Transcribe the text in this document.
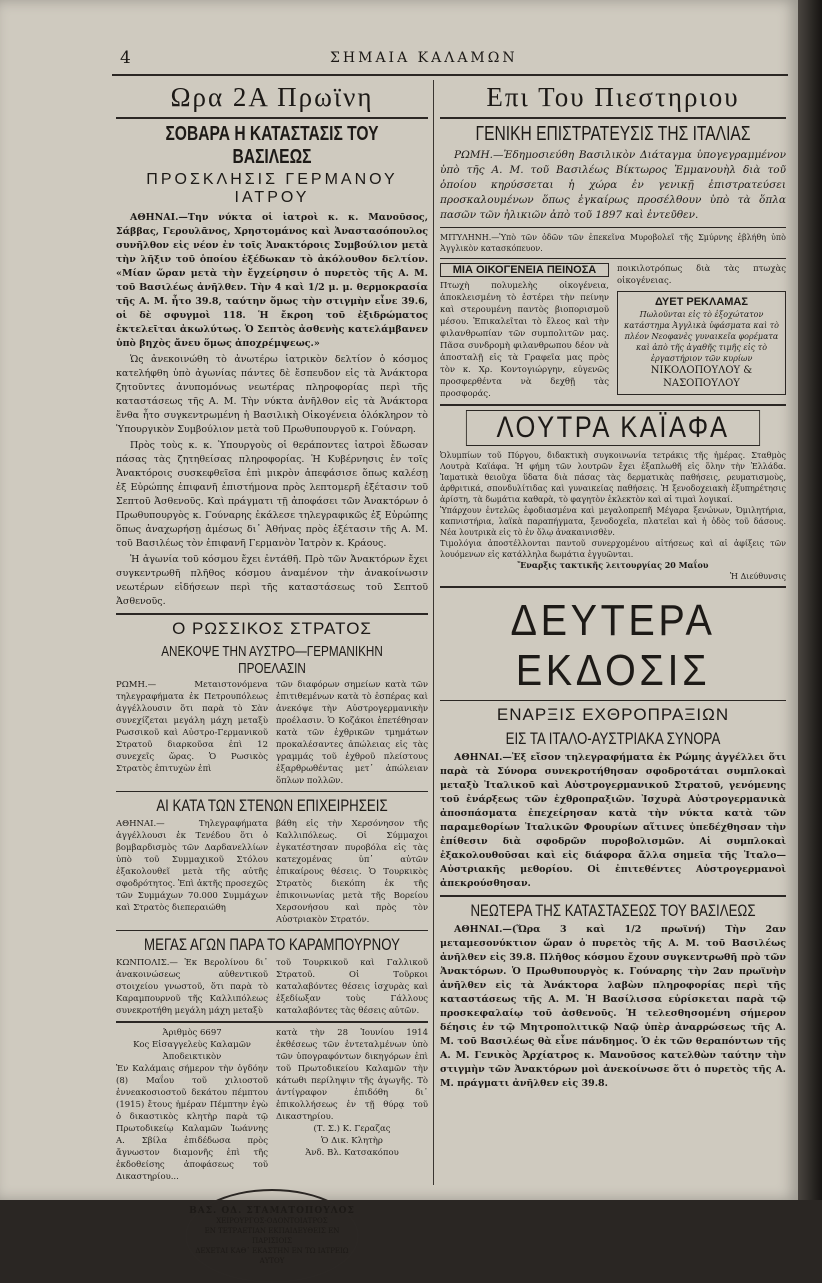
4	ΣΗΜΑΙΑ ΚΑΛΑΜΩΝ
Ωρα 2Α Πρωϊνη
ΣΟΒΑΡΑ Η ΚΑΤΑΣΤΑΣΙΣ ΤΟΥ ΒΑΣΙΛΕΩΣ
ΠΡΟΣΚΛΗΣΙΣ ΓΕΡΜΑΝΟΥ ΙΑΤΡΟΥ

ΑΘΗΝΑΙ.—Την νύκτα οἱ ἰατροὶ κ. κ. Μανοῦσος, Σάββας, Γερουλᾶνος, Χρηστομάνος καὶ Ἀναστασόπουλος συνῆλθον εἰς νέον ἐν τοῖς Ἀνακτόροις Συμβούλιον μετὰ τὴν λῆξιν τοῦ ὁποίου ἐξέδωκαν τὸ ἀκόλουθον δελτίον. «Μίαν ὥραν μετὰ τὴν ἔγχείρησιν ὁ πυρετὸς τῆς Α. Μ. τοῦ Βασιλέως ἀνῆλθεν. Τὴν 4 καὶ 1/2 μ. μ. θερμοκρασία τῆς Α. Μ. ἦτο 39.8, ταύτην ὅμως τὴν στιγμὴν εἶνε 39.6, οἱ δὲ σφυγμοὶ 118. Ἡ ἔκροη τοῦ ἐξιδρώματος ἐκτελεῖται ἀκωλύτως. Ὁ Σεπτὸς ἀσθενὴς κατελάμβανεν ὑπὸ βηχὸς ἄνευ ὅμως ἀποχρέμψεως.»

Ὡς ἀνεκοινώθη τὸ ἀνωτέρω ἰατρικὸν δελτίον ὁ κόσμος κατελήφθη ὑπὸ ἀγωνίας πάντες δὲ ἔσπευδον εἰς τὰ Ἀνάκτορα ζητοῦντες ἀνυπομόνως νεωτέρας πληροφορίας περὶ τῆς καταστάσεως τῆς Α. Μ. Τὴν νύκτα ἀνῆλθον εἰς τὰ Ἀνάκτορα ἔνθα ἦτο συγκεντρωμένη ἡ Βασιλικὴ Οἰκογένεια ὁλόκληρον τὸ Ὑπουργικὸν Συμβούλιον μετὰ τοῦ Πρωθυπουργοῦ κ. Γούναρη.

Πρὸς τοὺς κ. κ. Ὑπουργοὺς οἱ θεράποντες ἰατροὶ ἔδωσαν πάσας τὰς ζητηθείσας πληροφορίας. Ἡ Κυβέρνησις ἐν τοῖς Ἀνακτόροις συσκεφθεῖσα ἐπὶ μικρὸν ἀπεφάσισε ὅπως καλέσῃ ἐξ Εὐρώπης ἐπιφανῆ ἐπιστήμονα πρὸς λεπτομερῆ ἐξέτασιν τοῦ Σεπτοῦ Ἀσθενοῦς. Καὶ πράγματι τῇ ἀποφάσει τῶν Ἀνακτόρων ὁ Πρωθυπουργὸς κ. Γούναρης ἐκάλεσε τηλεγραφικῶς ἐξ Εὐρώπης ὅπως ἀναχωρήσῃ ἀμέσως δι᾽ Ἀθήνας πρὸς ἐξέτασιν τῆς Α. Μ. τοῦ Βασιλέως τὸν ἐπιφανῆ Γερμανὸν Ἰατρὸν κ. Κράους.

Ἡ ἀγωνία τοῦ κόσμου ἔχει ἐντάθῆ. Πρὸ τῶν Ἀνακτόρων ἔχει συγκεντρωθῆ πλῆθος κόσμου ἀναμένον τὴν ἀνακοίνωσιν νεωτέρων εἰδήσεων περὶ τῆς καταστάσεως τοῦ Σεπτοῦ Ἀσθενοῦς.

Ο ΡΩΣΣΙΚΟΣ ΣΤΡΑΤΟΣ
ΑΝΕΚΟΨΕ ΤΗΝ ΑΥΣΤΡΟ—ΓΕΡΜΑΝΙΚΗΝ ΠΡΟΕΛΑΣΙΝ
ΡΩΜΗ.— Μεταιστονόμενα τηλεγραφήματα ἐκ Πετρουπόλεως ἀγγέλλουσιν ὅτι παρὰ τὸ Σὰν συνεχίζεται μεγάλη μάχη μεταξὺ Ρωσσικοῦ καὶ Αὐστρο-Γερμανικοῦ Στρατοῦ διαρκοῦσα ἐπὶ 12 συνεχεῖς ὥρας. Ὁ Ρωσικὸς Στρατὸς ἐπιτυχὼν ἐπὶ
τῶν διαφόρων σημείων κατὰ τῶν ἐπιτιθεμένων κατὰ τὸ ἑσπέρας καὶ ἀνεκόψε τὴν Αὐστρογερμανικὴν προέλασιν. Ὁ Κοζάκοι ἐπετέθησαν κατὰ τῶν ἐχθρικῶν τμημάτων προκαλέσαντες ἀπώλειας εἰς τὰς γραμμάς τοῦ ἐχθροῦ πλείστους ἐξαρθρωθέντας μετ᾽ ἀπώλειαν ὅπλων πολλῶν.
ΑΙ ΚΑΤΑ ΤΩΝ ΣΤΕΝΩΝ ΕΠΙΧΕΙΡΗΣΕΙΣ
ΑΘΗΝΑΙ.— Τηλεγραφήματα ἀγγέλλουσι ἐκ Τενέδου ὅτι ὁ βομβαρδισμὸς τῶν Δαρδανελλίων ὑπὸ τοῦ Συμμαχικοῦ Στόλου ἐξακολουθεῖ μετὰ τῆς αὐτῆς σφοδρότητος. Ἐπὶ ἀκτῆς προσεχῶς τῶν Συμμάχων 70.000 Συμμάχων καὶ Στρατὸς διεπεραιώθη
βάθη εἰς τὴν Χερσόνησον τῆς Καλλιπόλεως. Οἱ Σύμμαχοι ἐγκατέστησαν πυροβόλα εἰς τὰς κατεχομένας ὑπ᾽ αὐτῶν ἐπικαίρους θέσεις. Ὁ Τουρκικὸς Στρατὸς διεκόπη ἐκ τῆς ἐπικοινωνίας μετὰ τῆς Βορείου Χερσονήσου καὶ πρὸς τὸν Αὐστριακὸν Στρατόν.
ΜΕΓΑΣ ΑΓΩΝ ΠΑΡΑ ΤΟ ΚΑΡΑΜΠΟΥΡΝΟΥ
ΚΩΝΠΟΛΙΣ.— Ἐκ Βερολίνου δι᾽ ἀνακοινώσεως αὐθεντικοῦ στοιχείου γνωστοῦ, ὅτι παρὰ τὸ Καραμπουρνοῦ τῆς Καλλιπόλεως συνεκροτήθη μεγάλη μάχη μεταξὺ
τοῦ Τουρκικοῦ καὶ Γαλλικοῦ Στρατοῦ. Οἱ Τοῦρκοι καταλαβόντες θέσεις ἰσχυρὰς καὶ ἐξεδίωξαν τοὺς Γάλλους καταλαβόντες τὰς θέσεις αὐτῶν.
Ἀριθμὸς 6697
Κος Εἰσαγγελεὺς Καλαμῶν
Ἀποδεικτικὸν
Ἐν Καλάμαις σήμερον τὴν ὀγδόην (8) Μαΐου τοῦ χιλιοστοῦ ἐννεακοσιοστοῦ δεκάτου πέμπτου (1915) ἔτους ἡμέραν Πέμπτην ἐγὼ ὁ δικαστικὸς κλητὴρ παρὰ τῷ Πρωτοδικείῳ Καλαμῶν Ἰωάννης Α. Σβίλα ἐπιδέδωσα πρὸς ἄγνωστον διαμονῆς ἐπὶ τῆς ἐκδοθείσης ἀποφάσεως τοῦ Δικαστηρίου...
κατὰ τὴν 28 Ἰουνίου 1914 ἐκθέσεως τῶν ἐντεταλμένων ὑπὸ τῶν ὑπογραφόντων δικηγόρων ἐπὶ τοῦ Πρωτοδικείου Καλαμῶν τὴν κάτωθι περίληψιν τῆς ἀγωγῆς. Τὸ ἀντίγραφον ἐπιδόθη δι᾽ ἐπικολλήσεως ἐν τῇ θύρᾳ τοῦ Δικαστηρίου.
(Τ. Σ.) Κ. Γεραζας
Ὁ Δικ. Κλητὴρ
Ἀνδ. Βλ. Κατσακόπου
ΒΑΣ. ΟΔ. ΣΤΑΜΑΤΟΠΟΥΛΟΣ
ΧΕΙΡΟΥΡΓΟΣ-ΟΔΟΝΤΟΙΑΤΡΟΣ
ΕΝ ΤΕΤΡΑΕΤΙΑΝ ΕΚΠΑΙΔΕΥΘΕΙΣ ΕΝ ΠΑΡΙΣΙΟΙΣ
ΔΕΧΕΤΑΙ ΚΑΘ᾽ ΕΚΑΣΤΗΝ ΕΝ ΤΩ ΙΑΤΡΕΙΩ ΑΥΤΟΥ
Επι Του Πιεστηριου
ΓΕΝΙΚΗ ΕΠΙΣΤΡΑΤΕΥΣΙΣ ΤΗΣ ΙΤΑΛΙΑΣ

ΡΩΜΗ.—Ἐδημοσιεύθη Βασιλικὸν Διάταγμα ὑπογεγραμμένον ὑπὸ τῆς Α. Μ. τοῦ Βασιλέως Βίκτωρος Ἐμμανουὴλ διὰ τοῦ ὁποίου κηρύσσεται ἡ χώρα ἐν γενικῇ ἐπιστρατεύσει προσκαλουμένων ὅπως ἐγκαίρως προσέλθουν ὑπὸ τὰ ὅπλα πασῶν τῶν ἡλικιῶν ἀπὸ τοῦ 1897 καὶ ἐντεῦθεν.

ΜΙΤΥΛΗΝΗ.—Ὑπὸ τῶν ὁδῶν τῶν ἐπεκεῖνα Μυροβολεῖ τῆς Σμύρνης ἐβλήθη ὑπὸ Ἀγγλικὸν κατασκόπευον.
ΜΙΑ ΟΙΚΟΓΕΝΕΙΑ ΠΕΙΝΟΣΑ
Πτωχὴ πολυμελὴς οἰκογένεια, ἀποκλεισμένη τὸ ἐστέρει τὴν πείνην καὶ στερουμένη παντὸς βιοπορισμοῦ μέσου. Ἐπικαλεῖται τὸ ἔλεος καὶ τὴν φιλανθρωπίαν τῶν συμπολιτῶν μας. Πᾶσα συνδρομὴ φιλανθρωπου δέον νὰ ἀποσταλῇ εἰς τὰ Γραφεῖα μας πρὸς τὸν κ. Χρ. Κοντογιώργην, εὐγενῶς προσφερθέντα νὰ δεχθῇ τὰς προσφοράς.
ποικιλοτρόπως διὰ τὰς πτωχὰς οἰκογένειας.
ΔΥΕΤ ΡΕΚΛΑΜΑΣ
Πωλοῦνται εἰς τὸ ἐξοχώτατον κατάστημα Ἀγγλικὰ ὑφάσματα καὶ τὸ πλέον Νεοφανὲς γυναικεῖα φορέματα καὶ ἀπὸ τῆς ἀγαθῆς τιμῆς εἰς τὸ ἐργαστήριον τῶν κυρίων
ΝΙΚΟΛΟΠΟΥΛΟΥ & ΝΑΣΟΠΟΥΛΟΥ
ΛΟΥΤΡΑ ΚΑΪΑΦΑ
Ὀλυμπίων τοῦ Πύργου, διδακτικὴ συγκοινωνία τετράκις τῆς ἡμέρας. Σταθμὸς Λουτρὰ Καϊάφα. Ἡ φήμη τῶν λουτρῶν ἔχει ἐξαπλωθῆ εἰς ὅλην τὴν Ἑλλάδα. Ἰαματικὰ θειοῦχα ὕδατα διὰ πάσας τὰς δερματικὰς παθήσεις, ρευματισμοὺς, ἀρθριτικά, σπονδυλίτιδας καὶ γυναικείας παθήσεις. Ἡ ξενοδοχειακὴ ἐξυπηρέτησις ἀρίστη, τὰ δωμάτια καθαρὰ, τὸ φαγητὸν ἐκλεκτὸν καὶ αἱ τιμαὶ λογικαί.
Ὑπάρχουν ἐντελῶς ἐφοδιασμένα καὶ μεγαλοπρεπῆ Μέγαρα ξενώνων, Ὀμιλητήρια, καπνιστήρια, λαϊκὰ παραπήγματα, ξενοδοχεῖα, πλατεῖαι καὶ ἡ ὁδὸς τοῦ δάσους. Νέα λουτρικὰ εἰς τὸ ἐν ὅλῳ ἀνακαινισθὲν.
Τιμολόγια ἀποστέλλονται παντοῦ συνερχομένου αἰτήσεως καὶ αἱ ἀφίξεις τῶν λουόμενων εἰς κατάλληλα δωμάτια ἐγγυῶνται.
Ἔναρξις τακτικῆς λειτουργίας 20 Μαΐου
Ἡ Διεύθυνσις
ΔΕΥΤΕΡΑ ΕΚΔΟΣΙΣ
ΕΝΑΡΞΙΣ ΕΧΘΡΟΠΡΑΞΙΩΝ
ΕΙΣ ΤΑ ΙΤΑΛΟ-ΑΥΣΤΡΙΑΚΑ ΣΥΝΟΡΑ

ΑΘΗΝΑΙ.—Ἐξ εἴσον τηλεγραφήματα ἐκ Ρώμης ἀγγέλλει ὅτι παρὰ τὰ Σύνορα συνεκροτήθησαν σφοδροτάται συμπλοκαὶ μεταξὺ Ἰταλικοῦ καὶ Αὐστρογερμανικοῦ Στρατοῦ, γενόμενης τοῦ ἐνάρξεως τῶν ἐχθροπραξιῶν. Ἰσχυρὰ Αὐστρογερμανικὰ ἀποσπάσματα ἐπεχείρησαν κατὰ τὴν νύκτα κατὰ τῶν παραμεθορίων Ἰταλικῶν Φρουρίων αἵτινες ὑπεδέχθησαν τὴν ἐπίθεσιν διὰ σφοδρῶν πυροβολισμῶν. Αἱ συμπλοκαὶ ἐξακολουθοῦσαι καὶ εἰς διάφορα ἄλλα σημεῖα τῆς Ἰταλο—Αὐστριακῆς μεθορίου. Οἱ ἐπιτεθέντες Αὐστρογερμανοὶ ἀπεκρούσθησαν.

ΝΕΩΤΕΡΑ ΤΗΣ ΚΑΤΑΣΤΑΣΕΩΣ ΤΟΥ ΒΑΣΙΛΕΩΣ

ΑΘΗΝΑΙ.—(Ὥρα 3 καὶ 1/2 πρωϊνή) Τὴν 2αν μεταμεσονύκτιον ὥραν ὁ πυρετὸς τῆς Α. Μ. τοῦ Βασιλέως ἀνῆλθεν εἰς 39.8. Πλῆθος κόσμου ἔχουν συγκεντρωθῆ πρὸ τῶν Ἀνακτόρων. Ὁ Πρωθυπουργὸς κ. Γούναρης τὴν 2αν πρωϊνὴν ἀνῆλθεν εἰς τὰ Ἀνάκτορα λαβὼν πληροφορίας περὶ τῆς καταστάσεως τῆς Α. Μ. Ἡ Βασίλισσα εὑρίσκεται παρὰ τῷ προσκεφαλαίῳ τοῦ ἀσθενοῦς. Ἡ τελεσθησομένη σήμερον δέησις ἐν τῷ Μητροπολιτικῷ Ναῷ ὑπὲρ ἀναρρώσεως τῆς Α. Μ. τοῦ Βασιλέως θὰ εἶνε πάνδημος. Ὁ ἐκ τῶν θεραπόντων τῆς Α. Μ. Γενικὸς Ἀρχίατρος κ. Μανοῦσος κατελθὼν ταύτην τὴν στιγμὴν τῶν Ἀνακτόρων μοὶ ἀνεκοίνωσε ὅτι ὁ πυρετὸς τῆς Α. Μ. πράγματι ἀνῆλθεν εἰς 39.8.
